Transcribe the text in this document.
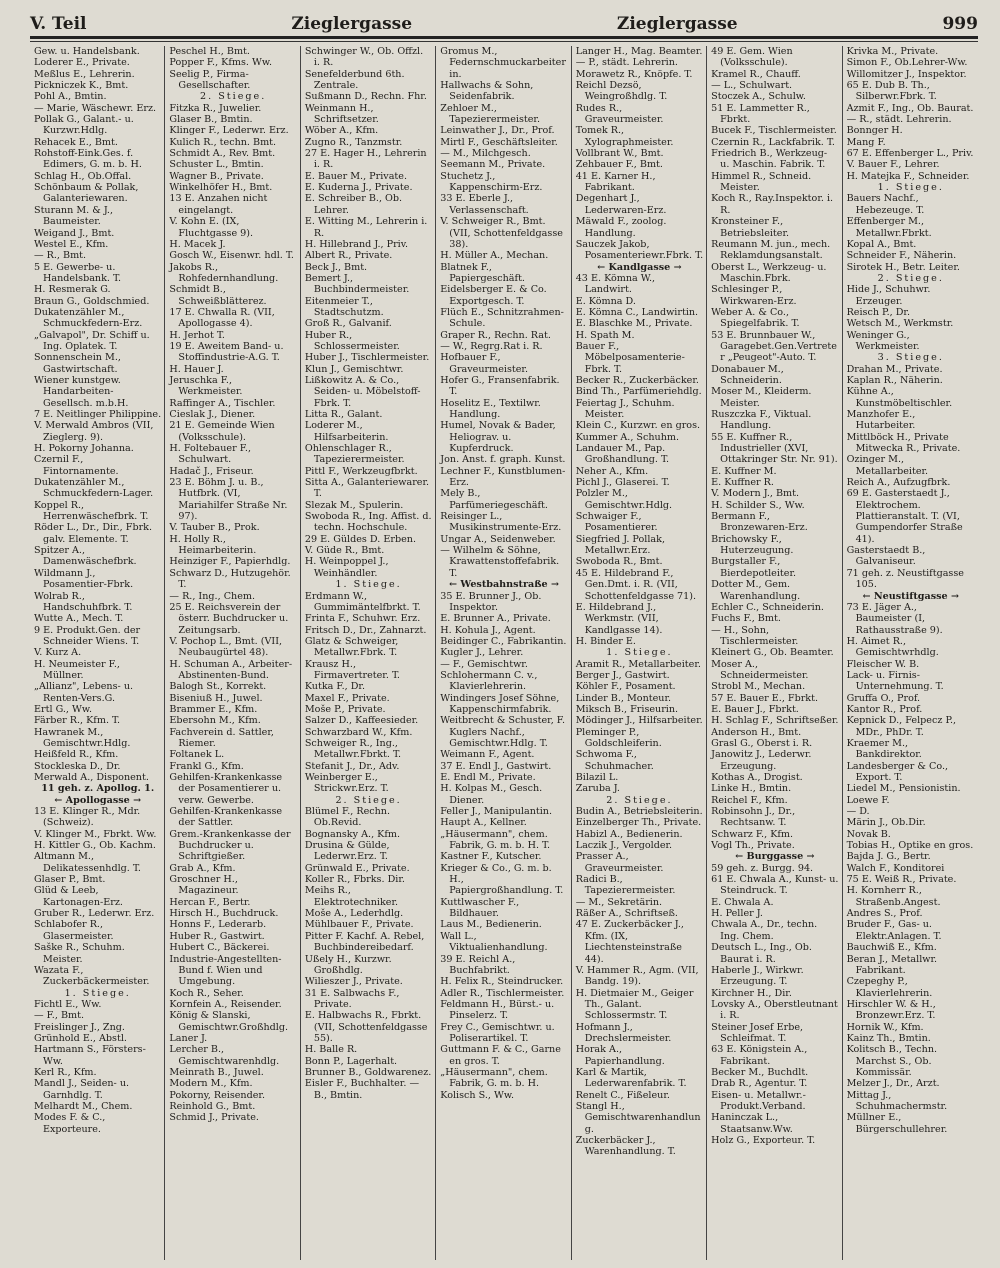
V. Teil	Zieglergasse	Zieglergasse	999
Gew. u. Handelsbank.
Loderer E., Private.
Meßlus E., Lehrerin.
Pickniczek K., Bmt.
Pohl A., Bmtin.
— Marie, Wäschewr. Erz.
Pollak G., Galant.- u. Kurzwr.Hdlg.
Rehacek E., Bmt.
Rohstoff-Eink.Ges. f. Edimers, G. m. b. H.
Schlag H., Ob.Offal.
Schönbaum & Pollak, Galanteriewaren.
Sturann M. & J., Baumeister.
Weigand J., Bmt.
Westel E., Kfm.
— R., Bmt.
5 E. Gewerbe- u. Handelsbank. T.
H. Resmerak G.
Braun G., Goldschmied.
Dukatenzähler M., Schmuckfedern-Erz.
„Galvapol", Dr. Schiff u. Ing. Oplatek. T.
Sonnenschein M., Gastwirtschaft.
Wiener kunstgew. Handarbeiten-Gesellsch. m.b.H.
7 E. Neitlinger Philippine.
V. Merwald Ambros (VII, Zieglerg. 9).
H. Pokorny Johanna.
Czernil F., Fintornamente.
Dukatenzähler M., Schmuckfedern-Lager.
Koppel R., Herrenwäschefbrk. T.
Röder L., Dr., Dir., Fbrk. galv. Elemente. T.
Spitzer A., Damenwäschefbrk.
Wildmann J., Posamentier-Fbrk.
Wolrab R., Handschuhfbrk. T.
Wutte A., Mech. T.
9 E. Produkt.Gen. der Schneider Wiens. T.
V. Kurz A.
H. Neumeister F., Müllner.
„Allianz", Lebens- u. Renten-Vers.G.
Ertl G., Ww.
Färber R., Kfm. T.
Hawranek M., Gemischtwr.Hdlg.
Heißfeld R., Kfm.
Stockleska D., Dr.
Merwald A., Disponent.
11 geh. z. Apollog. 1.
← Apollogasse →
13 E. Klinger R., Mdr. (Schweiz).
V. Klinger M., Fbrkt. Ww.
H. Kittler G., Ob. Kachm.
Altmann M., Delikatessenhdlg. T.
Glaser P., Bmt.
Glüd & Leeb, Kartonagen-Erz.
Gruber R., Lederwr. Erz.
Schlabofer R., Glasermeister.
Saške R., Schuhm. Meister.
Wazata F., Zuckerbäckermeister.
1. Stiege.
Fichtl E., Ww.
— F., Bmt.
Freislinger J., Zng.
Grünhold E., Abstl.
Hartmann S., Försters-Ww.
Kerl R., Kfm.
Mandl J., Seiden- u. Garnhdlg. T.
Melhardt M., Chem.
Modes F. & C., Exporteure.
Peschel H., Bmt.
Popper F., Kfms. Ww.
Seelig P., Firma-Gesellschafter.
2. Stiege.
Fitzka R., Juwelier.
Glaser B., Bmtin.
Klinger F., Lederwr. Erz.
Kulich R., techn. Bmt.
Schmidt A., Rev. Bmt.
Schuster L., Bmtin.
Wagner B., Private.
Winkelhöfer H., Bmt.
13 E. Anzahen nicht eingelangt.
V. Kohn E. (IX, Fluchtgasse 9).
H. Macek J.
Gosch W., Eisenwr. hdl. T.
Jakobs R., Rohfedernhandlung.
Schmidt B., Schweißblätterez.
17 E. Chwalla R. (VII, Apollogasse 4).
H. Jerhot T.
19 E. Aweitem Band- u. Stoffindustrie-A.G. T.
H. Hauer J.
Jeruschka F., Werkmeister.
Raffinger A., Tischler.
Cieslak J., Diener.
21 E. Gemeinde Wien (Volksschule).
H. Foltebauer F., Schulwart.
Hadač J., Friseur.
23 E. Böhm J. u. B., Hutfbrk. (VI, Mariahilfer Straße Nr. 97).
V. Tauber B., Prok.
H. Holly R., Heimarbeiterin.
Heinziger F., Papierhdlg.
Schwarz D., Hutzugehör. T.
— R., Ing., Chem.
25 E. Reichsverein der österr. Buchdrucker u. Zeitungsarb.
V. Pochop L., Bmt. (VII, Neubaugürtel 48).
H. Schuman A., Arbeiter-Abstinenten-Bund.
Balogh St., Korrekt.
Biseniuß H., Juwel.
Brammer E., Kfm.
Ebersohn M., Kfm.
Fachverein d. Sattler, Riemer.
Foltanek L.
Frankl G., Kfm.
Gehilfen-Krankenkasse der Posamentierer u. verw. Gewerbe.
Gehilfen-Krankenkasse der Sattler.
Grem.-Krankenkasse der Buchdrucker u. Schriftgießer.
Grab A., Kfm.
Groschner H., Magazineur.
Hercan F., Bertr.
Hirsch H., Buchdruck.
Honns F., Lederarb.
Huber R., Gastwirt.
Hubert C., Bäckerei.
Industrie-Angestellten-Bund f. Wien und Umgebung.
Koch R., Seher.
Kornfein A., Reisender.
König & Slanski, Gemischtwr.Großhdlg.
Laner J.
Lercher B., Gemischtwarenhdlg.
Meinrath B., Juwel.
Modern M., Kfm.
Pokorny, Reisender.
Reinhold G., Bmt.
Schmid J., Private.
Schwinger W., Ob. Offzl. i. R.
Senefelderbund 6th. Zentrale.
Sußmann D., Rechn. Fhr.
Weinmann H., Schriftsetzer.
Wöber A., Kfm.
Zugno R., Tanzmstr.
27 E. Hager H., Lehrerin i. R.
E. Bauer M., Private.
E. Kuderna J., Private.
E. Schreiber B., Ob. Lehrer.
E. Witting M., Lehrerin i. R.
H. Hillebrand J., Priv.
Albert R., Private.
Beck J., Bmt.
Bemert J., Buchbindermeister.
Eitenmeier T., Stadtschutzm.
Groß R., Galvanif.
Huber R., Schlossermeister.
Huber J., Tischlermeister.
Klun J., Gemischtwr.
Lißkowitz A. & Co., Seiden- u. Möbelstoff-Fbrk. T.
Litta R., Galant.
Loderer M., Hilfsarbeiterin.
Ohlenschlager R., Tapezierermeister.
Pittl F., Werkzeugfbrkt.
Sitta A., Galanteriewarer. T.
Slezak M., Spulerin.
Swoboda R., Ing. Affist. d. techn. Hochschule.
29 E. Güldes D. Erben.
V. Güde R., Bmt.
H. Weinpoppel J., Weinhändler.
1. Stiege.
Erdmann W., Gummimäntelfbrkt. T.
Frinta F., Schuhwr. Erz.
Fritsch D., Dr., Zahnarzt.
Glatz & Schweiger, Metallwr.Fbrk. T.
Krausz H., Firmavertreter. T.
Kutka F., Dr.
Maxel F., Private.
Moše P., Private.
Salzer D., Kaffeesieder.
Schwarzbard W., Kfm.
Schweiger R., Ing., Metallwr.Fbrkt. T.
Stefanit J., Dr., Adv.
Weinberger E., Strickwr.Erz. T.
2. Stiege.
Blümel F., Rechn. Ob.Revid.
Bognansky A., Kfm.
Drusina & Gülde, Lederwr.Erz. T.
Grünwald E., Private.
Koller R., Fbrks. Dir.
Meihs R., Elektrotechniker.
Moše A., Lederhdlg.
Mühlbauer F., Private.
Pitter F. Kachf. A. Rebel, Buchbindereibedarf.
Ußely H., Kurzwr. Großhdlg.
Wilieszer J., Private.
31 E. Salbwachs F., Private.
E. Halbwachs R., Fbrkt. (VII, Schottenfeldgasse 55).
H. Balle R.
Bonn P., Lagerhalt.
Brunner B., Goldwarenez.
Eisler F., Buchhalter. — B., Bmtin.
Gromus M., Federnschmuckarbeiterin.
Hallwachs & Sohn, Seidenfabrik.
Zehloer M., Tapezierermeister.
Leinwather J., Dr., Prof.
Mirtl F., Geschäftsleiter.
— M., Milchgesch.
Seemann M., Private.
Stuchetz J., Kappenschirm-Erz.
33 E. Eberle J., Verlassenschaft.
V. Schweiger R., Bmt. (VII, Schottenfeldgasse 38).
H. Müller A., Mechan.
Blatnek F., Papiergeschäft.
Eidelsberger E. & Co. Exportgesch. T.
Flüch E., Schnitzrahmen-Schule.
Graper R., Rechn. Rat.
— W., Regrg.Rat i. R.
Hofbauer F., Graveurmeister.
Hofer G., Fransenfabrik. T.
Hoselitz E., Textilwr. Handlung.
Humel, Novak & Bader, Heliograv. u. Kupferdruck.
Jon. Anst. f. graph. Kunst.
Lechner F., Kunstblumen-Erz.
Mely B., Parfümeriegeschäft.
Reisinger L., Musikinstrumente-Erz.
Ungar A., Seidenweber.
— Wilhelm & Söhne, Krawattenstoffefabrik. T.
← Westbahnstraße →
35 E. Brunner J., Ob. Inspektor.
E. Brunner A., Private.
H. Kohula J., Agent.
Beidinger C., Fabrikantin.
Kugler J., Lehrer.
— F., Gemischtwr.
Schlohermann C. v., Klavierlehrerin.
Windingers Josef Söhne, Kappenschirmfabrik.
Weitbrecht & Schuster, F. Kuglers Nachf., Gemischtwr.Hdlg. T.
Weimann F., Agent.
37 E. Endl J., Gastwirt.
E. Endl M., Private.
H. Kolpas M., Gesch. Diener.
Feller J., Manipulantin.
Haupt A., Kellner.
„Häusermann", chem. Fabrik, G. m. b. H. T.
Kastner F., Kutscher.
Krieger & Co., G. m. b. H., Papiergroßhandlung. T.
Kuttlwascher F., Bildhauer.
Laus M., Bedienerin.
Wall L., Viktualienhandlung.
39 E. Reichl A., Buchfabrikt.
H. Felix R., Steindrucker.
Adler R., Tischlermeister.
Feldmann H., Bürst.- u. Pinselerz. T.
Frey C., Gemischtwr. u. Poliserartikel. T.
Guttmann F. & C., Garne en gros. T.
„Häusermann", chem. Fabrik, G. m. b. H.
Kolisch S., Ww.
Langer H., Mag. Beamter.
— P., städt. Lehrerin.
Morawetz R., Knöpfe. T.
Reichl Dezsö, Weingroßhdlg. T.
Rudes R., Graveurmeister.
Tomek R., Xylographmeister.
Vollbrant W., Bmt.
Zehbauer F., Bmt.
41 E. Karner H., Fabrikant.
Degenhart J., Lederwaren-Erz.
Mäwald F., zoolog. Handlung.
Sauczek Jakob, Posamenteriewr.Fbrk. T.
← Kandlgasse →
43 E. Kömna W., Landwirt.
E. Kömna D.
E. Kömna C., Landwirtin.
E. Blaschke M., Private.
H. Spath M.
Bauer F., Möbelposamenterie-Fbrk. T.
Becker R., Zuckerbäcker.
Bind Th., Parfümeriehdlg.
Feiertag J., Schuhm. Meister.
Klein C., Kurzwr. en gros.
Kummer A., Schuhm.
Landauer M., Pap. Großhandlung. T.
Neher A., Kfm.
Pichl J., Glaserei. T.
Polzler M., Gemischtwr.Hdlg.
Schwaiger F., Posamentierer.
Siegfried J. Pollak, Metallwr.Erz.
Swoboda R., Bmt.
45 E. Hildebrand F., Gen.Dmt. i. R. (VII, Schottenfeldgasse 71).
E. Hildebrand J., Werkmstr. (VII, Kandlgasse 14).
H. Binder E.
1. Stiege.
Aramit R., Metallarbeiter.
Berger J., Gastwirt.
Köhler F., Posament.
Linder B., Monteur.
Miksch B., Friseurin.
Mödinger J., Hilfsarbeiter.
Pleminger P., Goldschleiferin.
Schwoma F., Schuhmacher.
Bilazil L.
Zaruba J.
2. Stiege.
Budin A., Betriebsleiterin.
Einzelberger Th., Private.
Habizl A., Bedienerin.
Laczik J., Vergolder.
Prasser A., Graveurmeister.
Radici B., Tapezierermeister.
— M., Sekretärin.
Räßer A., Schriftseß.
47 E. Zuckerbäcker J., Kfm. (IX, Liechtensteinstraße 44).
V. Hammer R., Agm. (VII, Bandg. 19).
H. Dietmaier M., Geiger Th., Galant. Schlossermstr. T.
Hofmann J., Drechslermeister.
Horak A., Papierhandlung.
Karl & Martik, Lederwarenfabrik. T.
Renelt C., Fißeleur.
Stangl H., Gemischtwarenhandlung.
Zuckerbäcker J., Warenhandlung. T.
49 E. Gem. Wien (Volksschule).
Kramel R., Chauff.
— L., Schulwart.
Stoczek A., Schulw.
51 E. Lammetter R., Fbrkt.
Bucek F., Tischlermeister.
Czernin R., Lackfabrik. T.
Friedrich B., Werkzeug- u. Maschin. Fabrik. T.
Himmel R., Schneid. Meister.
Koch R., Ray.Inspektor. i. R.
Kronsteiner F., Betriebsleiter.
Reumann M. jun., mech. Reklamdungsanstalt.
Oberst L., Werkzeug- u. Maschin.Fbrk.
Schlesinger P., Wirkwaren-Erz.
Weber A. & Co., Spiegelfabrik. T.
53 E. Brunnbauer W., Garagebet.Gen.Vertreter „Peugeot"-Auto. T.
Donabauer M., Schneiderin.
Moser M., Kleiderm. Meister.
Ruszczka F., Viktual. Handlung.
55 E. Kuffner R., Industrieller (XVI, Ottakringer Str. Nr. 91).
E. Kuffner M.
E. Kuffner R.
V. Modern J., Bmt.
H. Schilder S., Ww.
Bermann F., Bronzewaren-Erz.
Brichowsky F., Huterzeugung.
Burgstaller F., Bierdepotleiter.
Dotter M., Gem. Warenhandlung.
Echler C., Schneiderin.
Fuchs F., Bmt.
— H., Sohn, Tischlermeister.
Kleinert G., Ob. Beamter.
Moser A., Schneidermeister.
Strobl M., Mechan.
57 E. Bauer E., Fbrkt.
E. Bauer J., Fbrkt.
H. Schlag F., Schriftseßer.
Anderson H., Bmt.
Grasl G., Oberst i. R.
Janowitz J., Lederwr. Erzeugung.
Kothas A., Drogist.
Linke H., Bmtin.
Reichel F., Kfm.
Robinsohn J., Dr., Rechtsanw. T.
Schwarz F., Kfm.
Vogl Th., Private.
← Burggasse →
59 geh. z. Burgg. 94.
61 E. Chwala A., Kunst- u. Steindruck. T.
E. Chwala A.
H. Peller J.
Chwala A., Dr., techn. Ing. Chem.
Deutsch L., Ing., Ob. Baurat i. R.
Haberle J., Wirkwr. Erzeugung. T.
Kirchner H., Dir.
Lovsky A., Oberstleutnant i. R.
Steiner Josef Erbe, Schleifmat. T.
63 E. Königstein A., Fabrikant.
Becker M., Buchdlt.
Drab R., Agentur. T.
Eisen- u. Metallwr.-Produkt.Verband.
Haninczak L., Staatsanw.Ww.
Holz G., Exporteur. T.
Krivka M., Private.
Simon F., Ob.Lehrer-Ww.
Willomitzer J., Inspektor.
65 E. Dub B. Th., Silberwr.Fbrk. T.
Azmit F., Ing., Ob. Baurat.
— R., städt. Lehrerin.
Bonnger H.
Mang F.
67 E. Effenberger L., Priv.
V. Bauer F., Lehrer.
H. Matejka F., Schneider.
1. Stiege.
Bauers Nachf., Hebezeuge. T.
Effenberger M., Metallwr.Fbrkt.
Kopal A., Bmt.
Schneider F., Näherin.
Sirotek H., Betr. Leiter.
2. Stiege.
Hide J., Schuhwr. Erzeuger.
Reisch P., Dr.
Wetsch M., Werkmstr.
Weninger G., Werkmeister.
3. Stiege.
Drahan M., Private.
Kaplan R., Näherin.
Kühne A., Kunstmöbeltischler.
Manzhofer E., Hutarbeiter.
Mittlböck H., Private Mitwecka R., Private.
Ozinger M., Metallarbeiter.
Reich A., Aufzugfbrk.
69 E. Gasterstaedt J., Elektrochem. Plattieranstalt. T. (VI, Gumpendorfer Straße 41).
Gasterstaedt B., Galvaniseur.
71 geh. z. Neustiftgasse 105.
← Neustiftgasse →
73 E. Jäger A., Baumeister (I, Rathausstraße 9).
H. Aimet R., Gemischtwrhdlg.
Fleischer W. B.
Lack- u. Firnis-Unternehmung. T.
Gruffa O., Prof.
Kantor R., Prof.
Kepnick D., Felpecz P., MDr., PhDr. T.
Kraemer M., Bankdirektor.
Landesberger & Co., Export. T.
Liedel M., Pensionistin.
Loewe F.
— D.
Märin J., Ob.Dir.
Novak B.
Tobias H., Optike en gros.
Bajda J. G., Bertr.
Walch F., Konditorei
75 E. Weiß R., Private.
H. Kornherr R., Straßenb.Angest.
Andres S., Prof.
Bruder F., Gas- u. Elektr.Anlagen. T.
Bauchwiß E., Kfm.
Beran J., Metallwr. Fabrikant.
Czepeghy P., Klavierlehrerin.
Hirschler W. & H., Bronzewr.Erz. T.
Hornik W., Kfm.
Kainz Th., Bmtin.
Kolitsch B., Techn. Marchst S., Ob. Kommissär.
Melzer J., Dr., Arzt.
Mittag J., Schuhmachermstr.
Müllner E., Bürgerschullehrer.
